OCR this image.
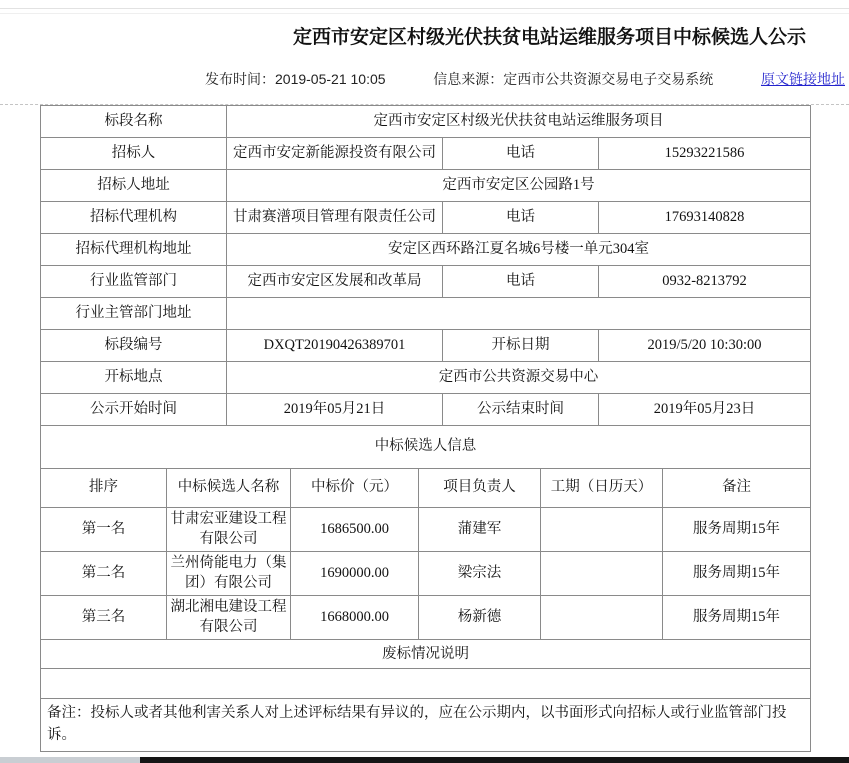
定西市安定区村级光伏扶贫电站运维服务项目中标候选人公示
发布时间：2019-05-21 10:05	信息来源：定西市公共资源交易电子交易系统	原文链接地址
标段名称	定西市安定区村级光伏扶贫电站运维服务项目		
招标人	定西市安定新能源投资有限公司	电话	15293221586
招标人地址	定西市安定区公园路1号		
招标代理机构	甘肃赛潽项目管理有限责任公司	电话	17693140828
招标代理机构地址	安定区西环路江夏名城6号楼一单元304室		
行业监管部门	定西市安定区发展和改革局	电话	0932-8213792
行业主管部门地址			
标段编号	DXQT20190426389701	开标日期	2019/5/20 10:30:00
开标地点	定西市公共资源交易中心		
公示开始时间	2019年05月21日	公示结束时间	2019年05月23日
中标候选人信息					
排序	中标候选人名称	中标价（元）	项目负责人	工期（日历天）	备注
第一名	甘肃宏亚建设工程有限公司	1686500.00	蒲建军		服务周期15年
第二名	兰州倚能电力（集团）有限公司	1690000.00	梁宗法		服务周期15年
第三名	湖北湘电建设工程有限公司	1668000.00	杨新德		服务周期15年
废标情况说明					

备注：投标人或者其他利害关系人对上述评标结果有异议的，应在公示期内，以书面形式向招标人或行业监管部门投诉。					
